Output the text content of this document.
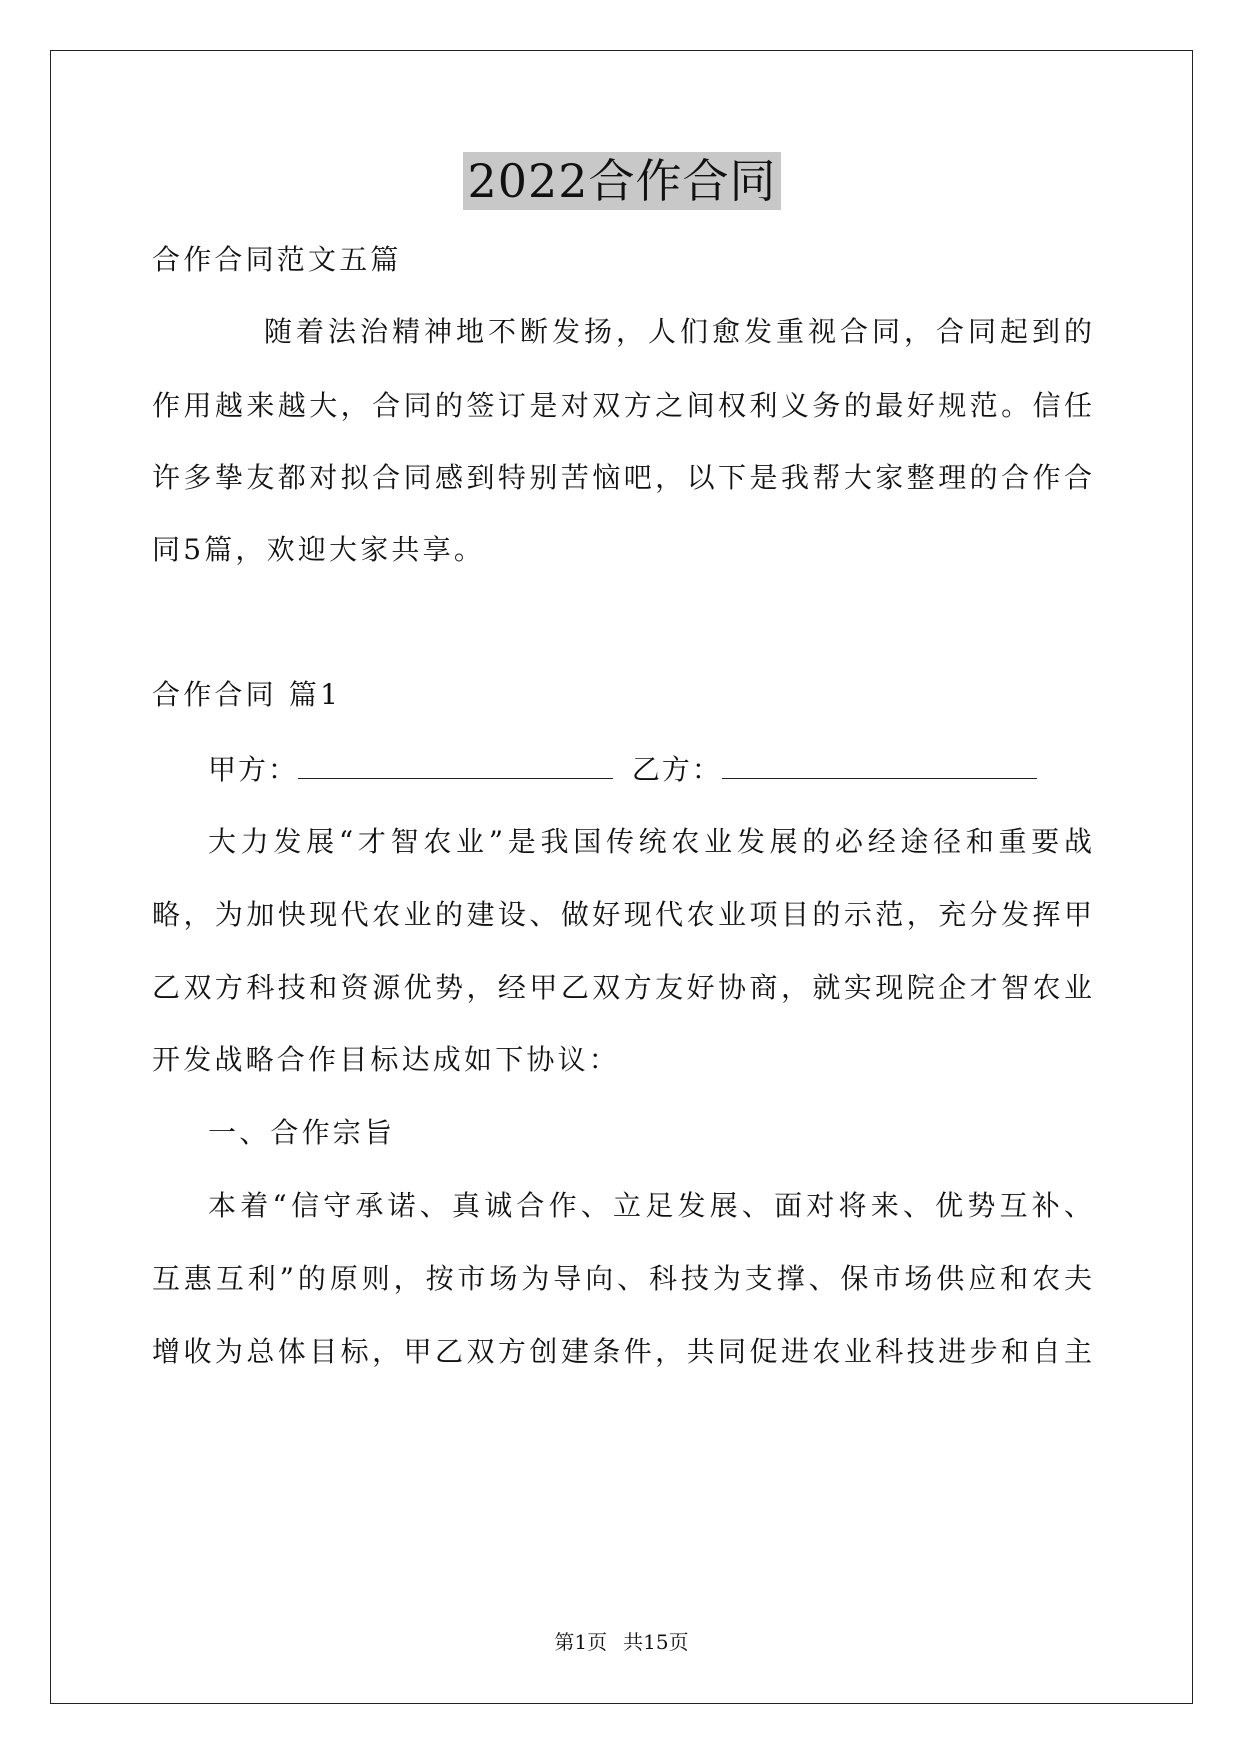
2022合作合同
合作合同范文五篇
随着法治精神地不断发扬，人们愈发重视合同，合同起到的
作用越来越大，合同的签订是对双方之间权利义务的最好规范。信任
许多挚友都对拟合同感到特别苦恼吧，以下是我帮大家整理的合作合
同5篇，欢迎大家共享。
合作合同 篇1
甲方：	乙方：
大力发展“才智农业”是我国传统农业发展的必经途径和重要战
略，为加快现代农业的建设、做好现代农业项目的示范，充分发挥甲
乙双方科技和资源优势，经甲乙双方友好协商，就实现院企才智农业
开发战略合作目标达成如下协议：
一、合作宗旨
本着“信守承诺、真诚合作、立足发展、面对将来、优势互补、
互惠互利”的原则，按市场为导向、科技为支撑、保市场供应和农夫
增收为总体目标，甲乙双方创建条件，共同促进农业科技进步和自主
第1页 共15页
